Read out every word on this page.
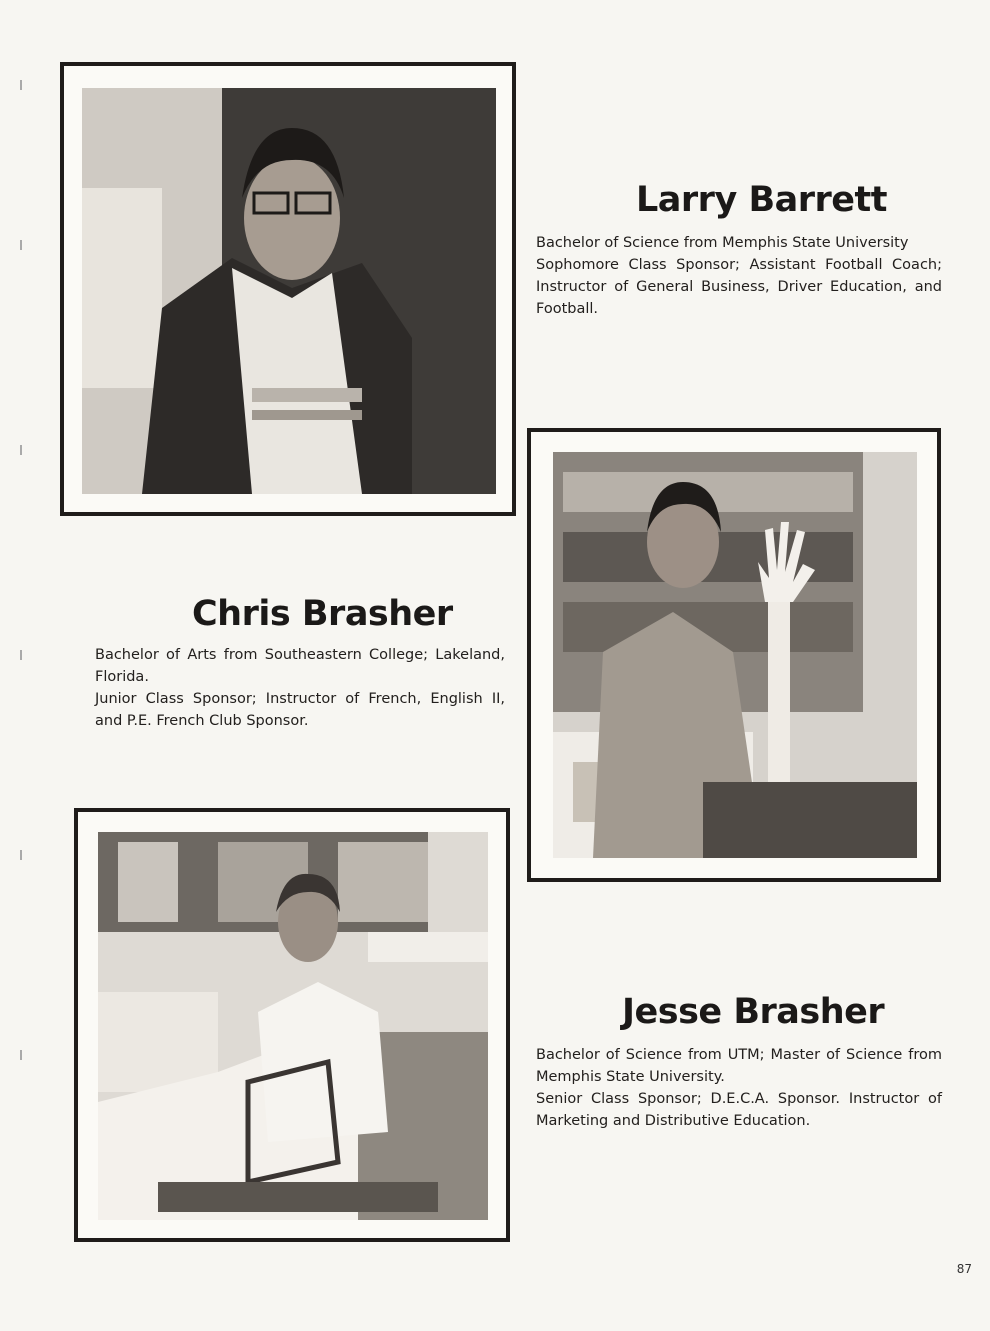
Larry Barrett

Bachelor of Science from Memphis State University
Sophomore Class Sponsor; Assistant Football Coach; Instructor of General Business, Driver Education, and Football.

Chris Brasher

Bachelor of Arts from Southeastern College; Lakeland, Florida.
Junior Class Sponsor; Instructor of French, English II, and P.E. French Club Sponsor.

Jesse Brasher

Bachelor of Science from UTM; Master of Science from Memphis State University.
Senior Class Sponsor; D.E.C.A. Sponsor. Instructor of Marketing and Distributive Education.

87
